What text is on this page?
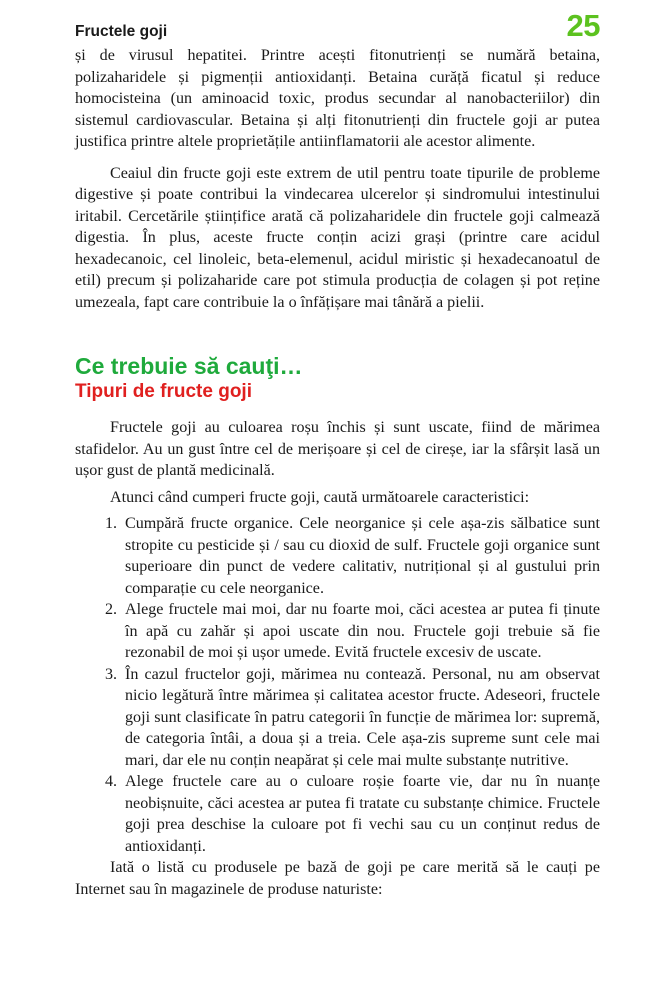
Fructele goji	25

și de virusul hepatitei. Printre acești fitonutrienți se numără betaina, polizaharidele și pigmenții antioxidanți. Betaina curăță ficatul și reduce homocisteina (un aminoacid toxic, produs secundar al nanobacteriilor) din sistemul cardiovascular. Betaina și alți fitonutrienți din fructele goji ar putea justifica printre altele proprietățile antiinflamatorii ale acestor alimente.

Ceaiul din fructe goji este extrem de util pentru toate tipurile de probleme digestive și poate contribui la vindecarea ulcerelor și sindromului intestinului iritabil. Cercetările științifice arată că polizaharidele din fructele goji calmează digestia. În plus, aceste fructe conțin acizi grași (printre care acidul hexadecanoic, cel linoleic, beta-elemenul, acidul miristic și hexadecanoatul de etil) precum și polizaharide care pot stimula producția de colagen și pot reține umezeala, fapt care contribuie la o înfățișare mai tânără a pielii.

Ce trebuie să cauţi…
Tipuri de fructe goji

Fructele goji au culoarea roșu închis și sunt uscate, fiind de mărimea stafidelor. Au un gust între cel de merișoare și cel de cireșe, iar la sfârșit lasă un ușor gust de plantă medicinală.

Atunci când cumperi fructe goji, caută următoarele caracteristici:

1. Cumpără fructe organice. Cele neorganice și cele așa-zis sălbatice sunt stropite cu pesticide și / sau cu dioxid de sulf. Fructele goji organice sunt superioare din punct de vedere calitativ, nutrițional și al gustului prin comparație cu cele neorganice.
2. Alege fructele mai moi, dar nu foarte moi, căci acestea ar putea fi ținute în apă cu zahăr și apoi uscate din nou. Fructele goji trebuie să fie rezonabil de moi și ușor umede. Evită fructele excesiv de uscate.
3. În cazul fructelor goji, mărimea nu contează. Personal, nu am observat nicio legătură între mărimea și calitatea acestor fructe. Adeseori, fructele goji sunt clasificate în patru categorii în funcție de mărimea lor: supremă, de categoria întâi, a doua și a treia. Cele așa-zis supreme sunt cele mai mari, dar ele nu conțin neapărat și cele mai multe substanțe nutritive.
4. Alege fructele care au o culoare roșie foarte vie, dar nu în nuanțe neobișnuite, căci acestea ar putea fi tratate cu substanțe chimice. Fructele goji prea deschise la culoare pot fi vechi sau cu un conținut redus de antioxidanți.

Iată o listă cu produsele pe bază de goji pe care merită să le cauți pe Internet sau în magazinele de produse naturiste:
